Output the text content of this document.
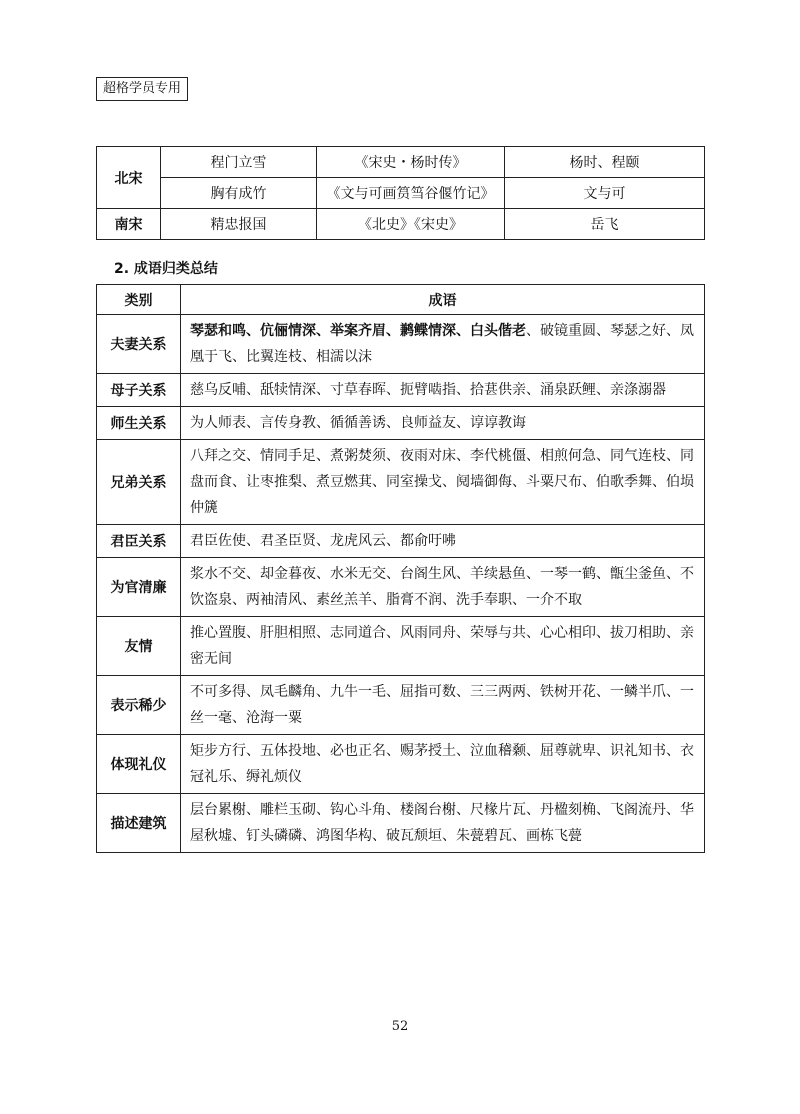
超格学员专用
北宋	程门立雪	《宋史・杨时传》	杨时、程颐
	胸有成竹	《文与可画筼筜谷偃竹记》	文与可
南宋	精忠报国	《北史》《宋史》	岳飞
2. 成语归类总结
类别	成语
夫妻关系	琴瑟和鸣、伉俪情深、举案齐眉、鹣鲽情深、白头偕老、破镜重圆、琴瑟之好、凤凰于飞、比翼连枝、相濡以沫
母子关系	慈乌反哺、舐犊情深、寸草春晖、扼臂啮指、拾葚供亲、涌泉跃鲤、亲涤溺器
师生关系	为人师表、言传身教、循循善诱、良师益友、谆谆教诲
兄弟关系	八拜之交、情同手足、煮粥焚须、夜雨对床、李代桃僵、相煎何急、同气连枝、同盘而食、让枣推梨、煮豆燃萁、同室操戈、阋墙御侮、斗粟尺布、伯歌季舞、伯埙仲篪
君臣关系	君臣佐使、君圣臣贤、龙虎风云、都俞吁咈
为官清廉	浆水不交、却金暮夜、水米无交、台阁生风、羊续悬鱼、一琴一鹤、甑尘釜鱼、不饮盗泉、两袖清风、素丝羔羊、脂膏不润、洗手奉职、一介不取
友情	推心置腹、肝胆相照、志同道合、风雨同舟、荣辱与共、心心相印、拔刀相助、亲密无间
表示稀少	不可多得、凤毛麟角、九牛一毛、屈指可数、三三两两、铁树开花、一鳞半爪、一丝一毫、沧海一粟
体现礼仪	矩步方行、五体投地、必也正名、赐茅授土、泣血稽颡、屈尊就卑、识礼知书、衣冠礼乐、缛礼烦仪
描述建筑	层台累榭、雕栏玉砌、钩心斗角、楼阁台榭、尺椽片瓦、丹楹刻桷、飞阁流丹、华屋秋墟、钉头磷磷、鸿图华构、破瓦颓垣、朱甍碧瓦、画栋飞甍
52
